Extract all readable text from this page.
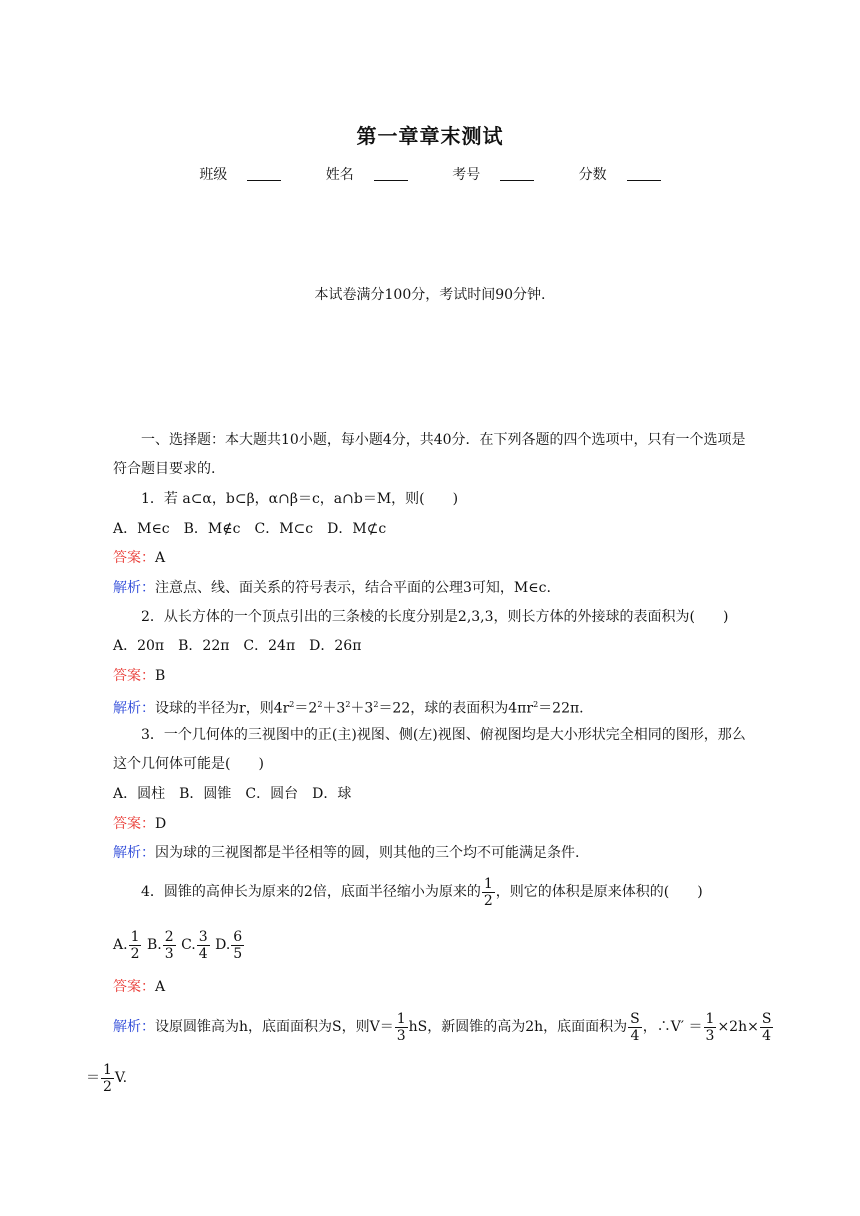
第一章章末测试
班级	姓名	考号	分数
本试卷满分100分，考试时间90分钟.
一、选择题：本大题共10小题，每小题4分，共40分．在下列各题的四个选项中，只有一个选项是
符合题目要求的.
1．若 a⊂α，b⊂β，α∩β＝c，a∩b＝M，则(　　)
A．M∈c　B．M∉c　C．M⊂c　D．M⊄c
答案：A
解析：注意点、线、面关系的符号表示，结合平面的公理3可知，M∈c.
2．从长方体的一个顶点引出的三条棱的长度分别是2,3,3，则长方体的外接球的表面积为(　　)
A．20π　B．22π　C．24π　D．26π
答案：B
解析：设球的半径为r，则$4r^2=2^2+3^2+3^2=22$，球的表面积为$4\pi r^2=22\pi$.
3．一个几何体的三视图中的正(主)视图、侧(左)视图、俯视图均是大小形状完全相同的图形，那么
这个几何体可能是(　　)
A．圆柱　B．圆锥　C．圆台　D．球
答案：D
解析：因为球的三视图都是半径相等的圆，则其他的三个均不可能满足条件.
4．圆锥的高伸长为原来的2倍，底面半径缩小为原来的 $\frac{1}{2}$ ，则它的体积是原来体积的(　　)
A. $\frac{1}{2} B$. $\frac{2}{3} C$. $\frac{3}{4} D$. $\frac{6}{5}$
答案：A
解析：设原圆锥高为h，底面面积为S，则$V= \frac{1}{3}$ hS，新圆锥的高为2h，底面面积为 $\frac{S}{4}$ ，∴V′ ＝ $\frac{1}{3} \times 2h\times \frac{S}{4}$
＝ $\frac{1}{2} V$.
